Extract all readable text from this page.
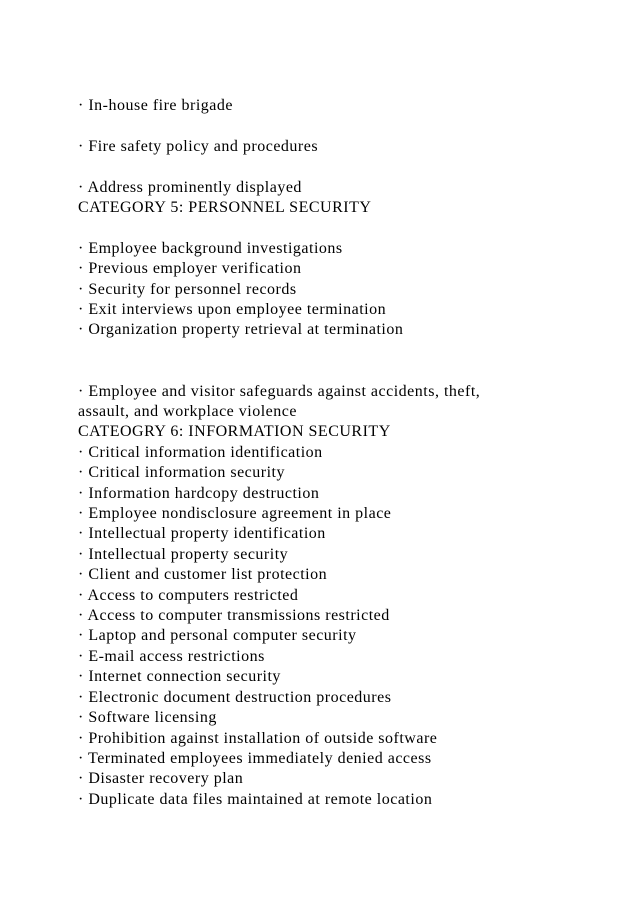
· In-house fire brigade
· Fire safety policy and procedures
· Address prominently displayed
CATEGORY 5: PERSONNEL SECURITY
· Employee background investigations
· Previous employer verification
· Security for personnel records
· Exit interviews upon employee termination
· Organization property retrieval at termination
· Employee and visitor safeguards against accidents, theft,
assault, and workplace violence
CATEOGRY 6: INFORMATION SECURITY
· Critical information identification
· Critical information security
· Information hardcopy destruction
· Employee nondisclosure agreement in place
· Intellectual property identification
· Intellectual property security
· Client and customer list protection
· Access to computers restricted
· Access to computer transmissions restricted
· Laptop and personal computer security
· E-mail access restrictions
· Internet connection security
· Electronic document destruction procedures
· Software licensing
· Prohibition against installation of outside software
· Terminated employees immediately denied access
· Disaster recovery plan
· Duplicate data files maintained at remote location
